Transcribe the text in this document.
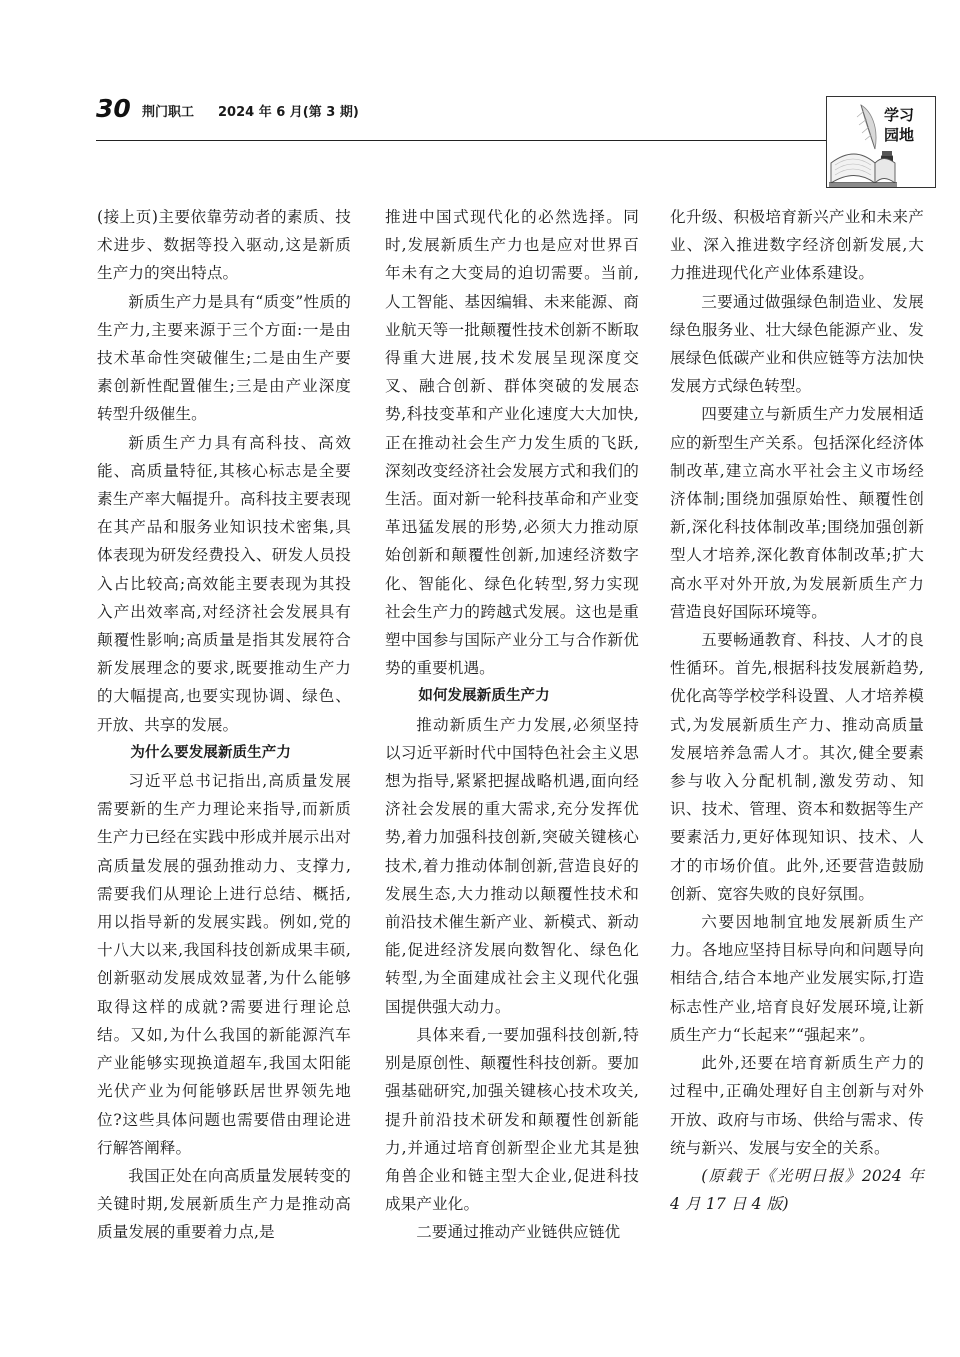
30 荆门职工 2024 年 6 月(第 3 期)	学习
园地

(接上页)主要依靠劳动者的素质、技术进步、数据等投入驱动,这是新质生产力的突出特点。

新质生产力是具有“质变”性质的生产力,主要来源于三个方面:一是由技术革命性突破催生;二是由生产要素创新性配置催生;三是由产业深度转型升级催生。

新质生产力具有高科技、高效能、高质量特征,其核心标志是全要素生产率大幅提升。高科技主要表现在其产品和服务业知识技术密集,具体表现为研发经费投入、研发人员投入占比较高;高效能主要表现为其投入产出效率高,对经济社会发展具有颠覆性影响;高质量是指其发展符合新发展理念的要求,既要推动生产力的大幅提高,也要实现协调、绿色、开放、共享的发展。

为什么要发展新质生产力

习近平总书记指出,高质量发展需要新的生产力理论来指导,而新质生产力已经在实践中形成并展示出对高质量发展的强劲推动力、支撑力,需要我们从理论上进行总结、概括,用以指导新的发展实践。例如,党的十八大以来,我国科技创新成果丰硕,创新驱动发展成效显著,为什么能够取得这样的成就?需要进行理论总结。又如,为什么我国的新能源汽车产业能够实现换道超车,我国太阳能光伏产业为何能够跃居世界领先地位?这些具体问题也需要借由理论进行解答阐释。

我国正处在向高质量发展转变的关键时期,发展新质生产力是推动高质量发展的重要着力点,是

推进中国式现代化的必然选择。同时,发展新质生产力也是应对世界百年未有之大变局的迫切需要。当前,人工智能、基因编辑、未来能源、商业航天等一批颠覆性技术创新不断取得重大进展,技术发展呈现深度交叉、融合创新、群体突破的发展态势,科技变革和产业化速度大大加快,正在推动社会生产力发生质的飞跃,深刻改变经济社会发展方式和我们的生活。面对新一轮科技革命和产业变革迅猛发展的形势,必须大力推动原始创新和颠覆性创新,加速经济数字化、智能化、绿色化转型,努力实现社会生产力的跨越式发展。这也是重塑中国参与国际产业分工与合作新优势的重要机遇。

如何发展新质生产力

推动新质生产力发展,必须坚持以习近平新时代中国特色社会主义思想为指导,紧紧把握战略机遇,面向经济社会发展的重大需求,充分发挥优势,着力加强科技创新,突破关键核心技术,着力推动体制创新,营造良好的发展生态,大力推动以颠覆性技术和前沿技术催生新产业、新模式、新动能,促进经济发展向数智化、绿色化转型,为全面建成社会主义现代化强国提供强大动力。

具体来看,一要加强科技创新,特别是原创性、颠覆性科技创新。要加强基础研究,加强关键核心技术攻关,提升前沿技术研发和颠覆性创新能力,并通过培育创新型企业尤其是独角兽企业和链主型大企业,促进科技成果产业化。

二要通过推动产业链供应链优

化升级、积极培育新兴产业和未来产业、深入推进数字经济创新发展,大力推进现代化产业体系建设。

三要通过做强绿色制造业、发展绿色服务业、壮大绿色能源产业、发展绿色低碳产业和供应链等方法加快发展方式绿色转型。

四要建立与新质生产力发展相适应的新型生产关系。包括深化经济体制改革,建立高水平社会主义市场经济体制;围绕加强原始性、颠覆性创新,深化科技体制改革;围绕加强创新型人才培养,深化教育体制改革;扩大高水平对外开放,为发展新质生产力营造良好国际环境等。

五要畅通教育、科技、人才的良性循环。首先,根据科技发展新趋势,优化高等学校学科设置、人才培养模式,为发展新质生产力、推动高质量发展培养急需人才。其次,健全要素参与收入分配机制,激发劳动、知识、技术、管理、资本和数据等生产要素活力,更好体现知识、技术、人才的市场价值。此外,还要营造鼓励创新、宽容失败的良好氛围。

六要因地制宜地发展新质生产力。各地应坚持目标导向和问题导向相结合,结合本地产业发展实际,打造标志性产业,培育良好发展环境,让新质生产力“长起来”“强起来”。

此外,还要在培育新质生产力的过程中,正确处理好自主创新与对外开放、政府与市场、供给与需求、传统与新兴、发展与安全的关系。

(原载于《光明日报》2024 年 4 月 17 日 4 版)
